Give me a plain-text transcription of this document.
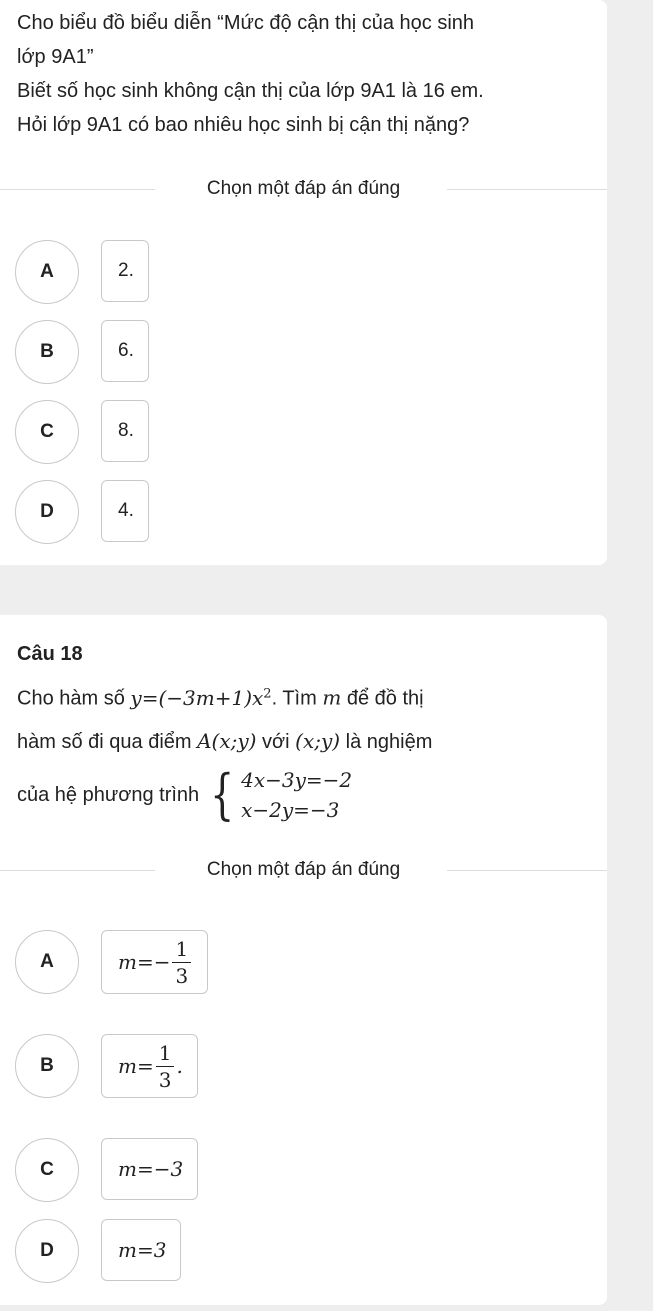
Cho biểu đồ biểu diễn “Mức độ cận thị của học sinh
lớp 9A1”
Biết số học sinh không cận thị của lớp 9A1 là 16 em.
Hỏi lớp 9A1 có bao nhiêu học sinh bị cận thị nặng?
Chọn một đáp án đúng
A	2.
B	6.
C	8.
D	4.
Câu 18
Cho hàm số $y=(-3m+1)x^2$. Tìm m để đồ thị
hàm số đi qua điểm A(x;y) với (x;y) là nghiệm
của hệ phương trình { 4x−3y=−2
x−2y=−3
Chọn một đáp án đúng
A	$m=- \frac{1}{3}$
B	$m= \frac{1}{3}$ .
C	m=−3
D	m=3
